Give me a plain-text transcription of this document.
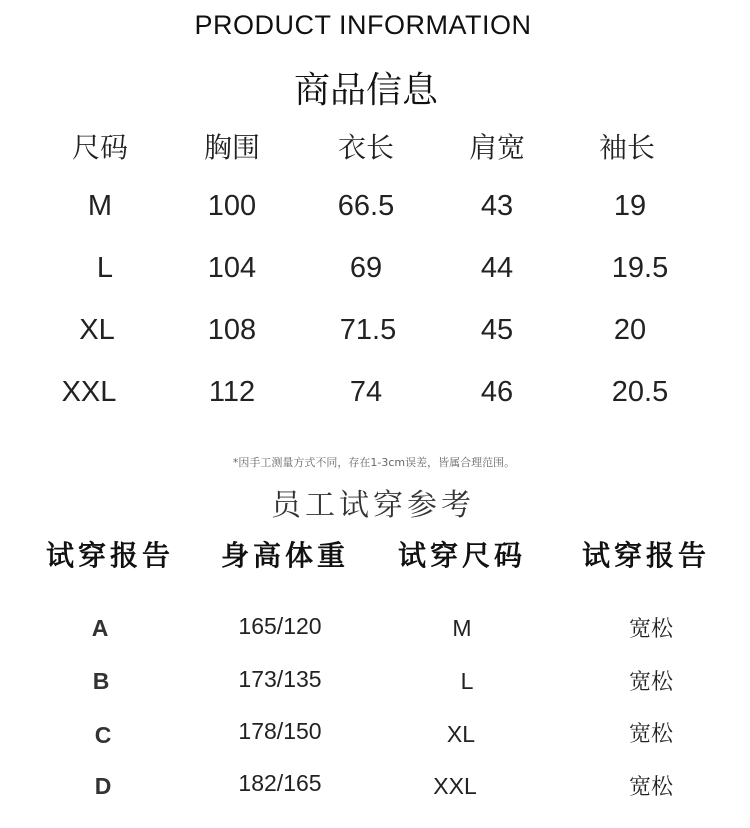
PRODUCT INFORMATION
商品信息
尺码	胸围	衣长	肩宽	袖长
M	100	66.5	43	19
L	104	69	44	19.5
XL	108	71.5	45	20
XXL	112	74	46	20.5
*因手工测量方式不同，存在1-3cm误差，皆属合理范围。
员工试穿参考
试穿报告 身高体重 试穿尺码 试穿报告
A	165/120	M	宽松
B	173/135	L	宽松
C	178/150	XL	宽松
D	182/165	XXL	宽松
